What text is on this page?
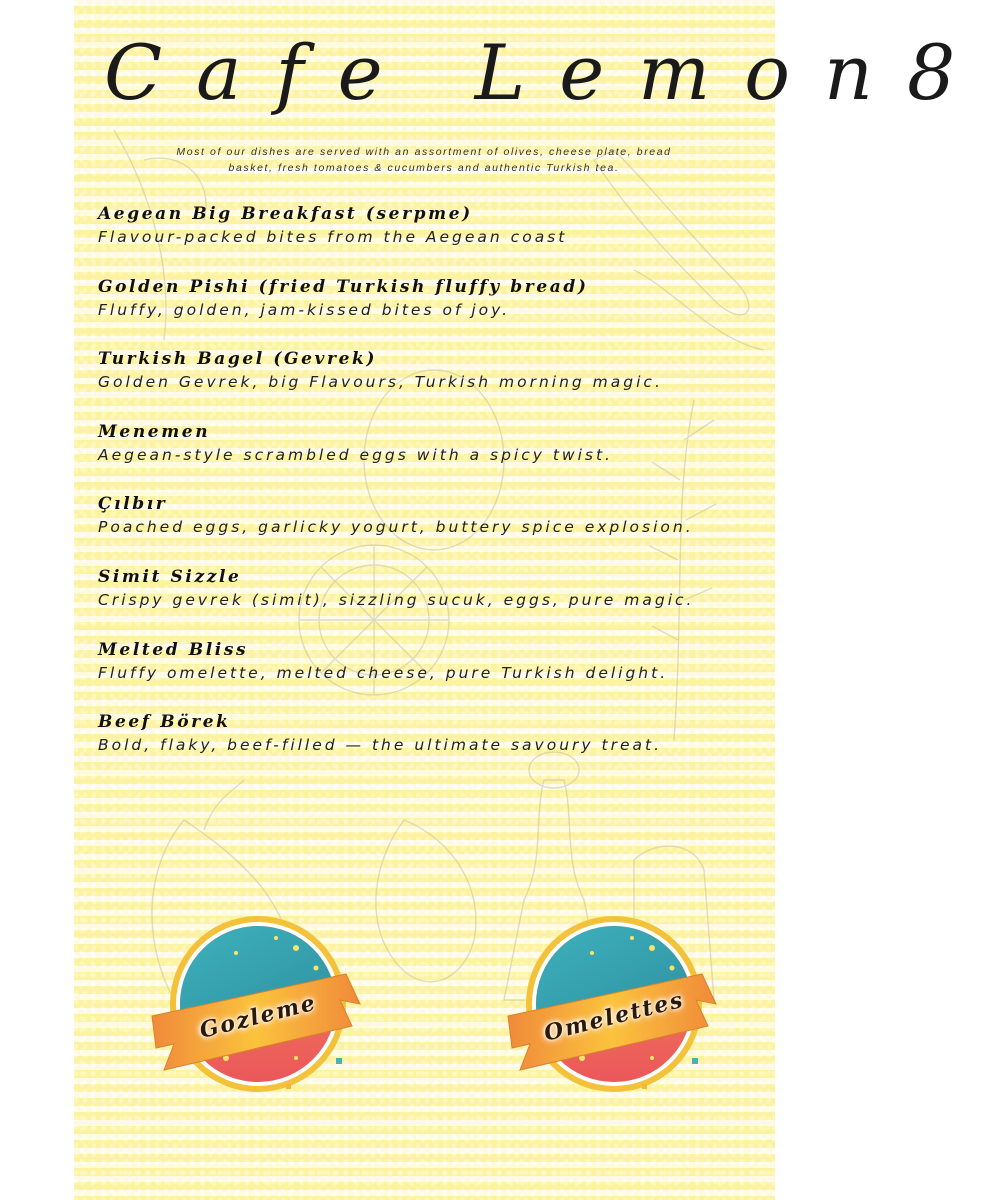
Cafe Lemon8
Most of our dishes are served with an assortment of olives, cheese plate, bread basket, fresh tomatoes & cucumbers and authentic Turkish tea.
Aegean Big Breakfast (serpme)
Flavour-packed bites from the Aegean coast
Golden Pishi (fried Turkish fluffy bread)
Fluffy, golden, jam-kissed bites of joy.
Turkish Bagel (Gevrek)
Golden Gevrek, big Flavours, Turkish morning magic.
Menemen
Aegean-style scrambled eggs with a spicy twist.
Çılbır
Poached eggs, garlicky yogurt, buttery spice explosion.
Simit Sizzle
Crispy gevrek (simit), sizzling sucuk, eggs, pure magic.
Melted Bliss
Fluffy omelette, melted cheese, pure Turkish delight.
Beef Börek
Bold, flaky, beef-filled — the ultimate savoury treat.
Gozleme	Omelettes
